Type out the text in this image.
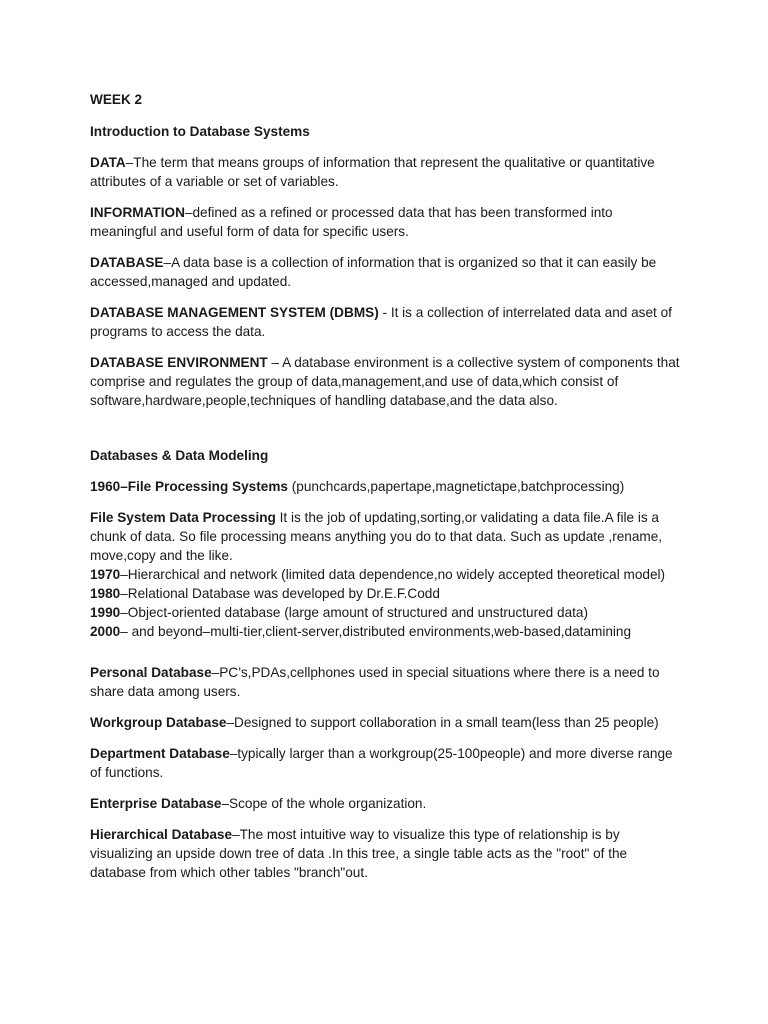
WEEK 2

Introduction to Database Systems

DATA–The term that means groups of information that represent the qualitative or quantitative attributes of a variable or set of variables.

INFORMATION–defined as a refined or processed data that has been transformed into meaningful and useful form of data for specific users.

DATABASE–A data base is a collection of information that is organized so that it can easily be accessed,managed and updated.

DATABASE MANAGEMENT SYSTEM (DBMS) - It is a collection of interrelated data and aset of programs to access the data.

DATABASE ENVIRONMENT – A database environment is a collective system of components that comprise and regulates the group of data,management,and use of data,which consist of software,hardware,people,techniques of handling database,and the data also.

Databases & Data Modeling

1960–File Processing Systems (punchcards,papertape,magnetictape,batchprocessing)

File System Data Processing It is the job of updating,sorting,or validating a data file.A file is a chunk of data. So file processing means anything you do to that data. Such as update ,rename, move,copy and the like.

1970–Hierarchical and network (limited data dependence,no widely accepted theoretical model)

1980–Relational Database was developed by Dr.E.F.Codd

1990–Object-oriented database (large amount of structured and unstructured data)

2000– and beyond–multi-tier,client-server,distributed environments,web-based,datamining

Personal Database–PC’s,PDAs,cellphones used in special situations where there is a need to share data among users.

Workgroup Database–Designed to support collaboration in a small team(less than 25 people)

Department Database–typically larger than a workgroup(25-100people) and more diverse range of functions.

Enterprise Database–Scope of the whole organization.

Hierarchical Database–The most intuitive way to visualize this type of relationship is by visualizing an upside down tree of data .In this tree, a single table acts as the "root" of the database from which other tables "branch"out.
